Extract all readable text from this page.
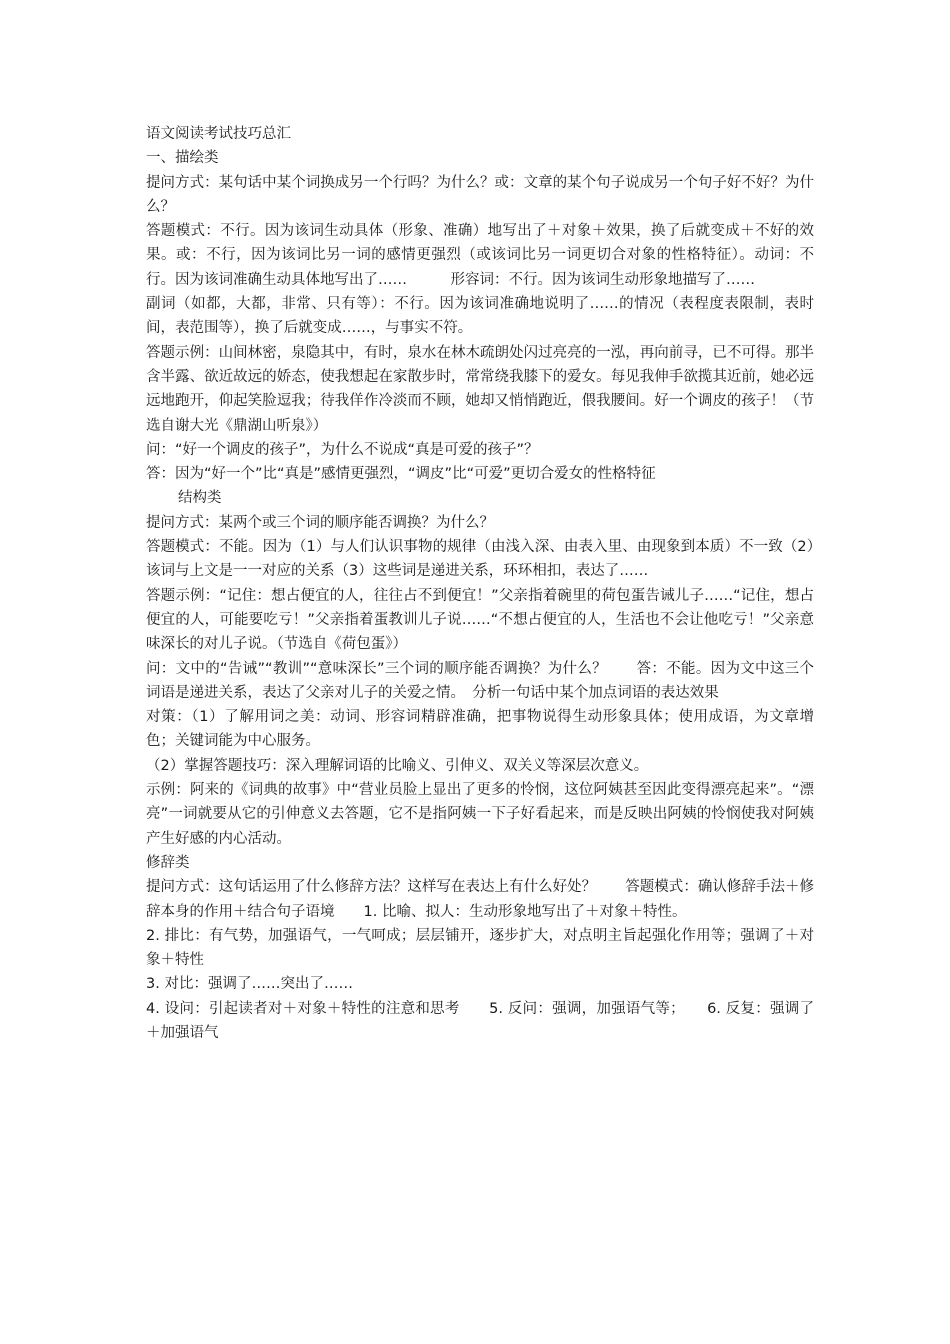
语文阅读考试技巧总汇

一、描绘类

提问方式：某句话中某个词换成另一个行吗？为什么？或：文章的某个句子说成另一个句子好不好？为什么？

答题模式：不行。因为该词生动具体（形象、准确）地写出了＋对象＋效果，换了后就变成＋不好的效果。或：不行，因为该词比另一词的感情更强烈（或该词比另一词更切合对象的性格特征）。动词：不行。因为该词准确生动具体地写出了……　　　形容词：不行。因为该词生动形象地描写了……

副词（如都，大都，非常、只有等）：不行。因为该词准确地说明了……的情况（表程度表限制，表时间，表范围等），换了后就变成……，与事实不符。

答题示例：山间林密，泉隐其中，有时，泉水在林木疏朗处闪过亮亮的一泓，再向前寻，已不可得。那半含半露、欲近故远的娇态，使我想起在家散步时，常常绕我膝下的爱女。每见我伸手欲揽其近前，她必远远地跑开，仰起笑脸逗我；待我佯作冷淡而不顾，她却又悄悄跑近，偎我腰间。好一个调皮的孩子！（节选自谢大光《鼎湖山听泉》）

问：“好一个调皮的孩子”，为什么不说成“真是可爱的孩子”？

答：因为“好一个”比“真是”感情更强烈，“调皮”比“可爱”更切合爱女的性格特征

结构类

提问方式：某两个或三个词的顺序能否调换？为什么？

答题模式：不能。因为（1）与人们认识事物的规律（由浅入深、由表入里、由现象到本质）不一致（2）该词与上文是一一对应的关系（3）这些词是递进关系，环环相扣，表达了……

答题示例：“记住：想占便宜的人，往往占不到便宜！”父亲指着碗里的荷包蛋告诫儿子……“记住，想占便宜的人，可能要吃亏！”父亲指着蛋教训儿子说……“不想占便宜的人，生活也不会让他吃亏！”父亲意味深长的对儿子说。（节选自《荷包蛋》）

问：文中的“告诫”“教训”“意味深长”三个词的顺序能否调换？为什么？　　答：不能。因为文中这三个词语是递进关系，表达了父亲对儿子的关爱之情。　分析一句话中某个加点词语的表达效果

对策：（1）了解用词之美：动词、形容词精辟准确，把事物说得生动形象具体；使用成语，为文章增色；关键词能为中心服务。

（2）掌握答题技巧：深入理解词语的比喻义、引伸义、双关义等深层次意义。

示例：阿来的《词典的故事》中“营业员脸上显出了更多的怜悯，这位阿姨甚至因此变得漂亮起来”。“漂亮”一词就要从它的引伸意义去答题，它不是指阿姨一下子好看起来，而是反映出阿姨的怜悯使我对阿姨产生好感的内心活动。

修辞类

提问方式：这句话运用了什么修辞方法？这样写在表达上有什么好处？　　答题模式：确认修辞手法＋修辞本身的作用＋结合句子语境　　1. 比喻、拟人：生动形象地写出了＋对象＋特性。

2. 排比：有气势，加强语气，一气呵成；层层铺开，逐步扩大，对点明主旨起强化作用等；强调了＋对象＋特性

3. 对比：强调了……突出了……

4. 设问：引起读者对＋对象＋特性的注意和思考　　5. 反问：强调，加强语气等；　　6. 反复：强调了＋加强语气
